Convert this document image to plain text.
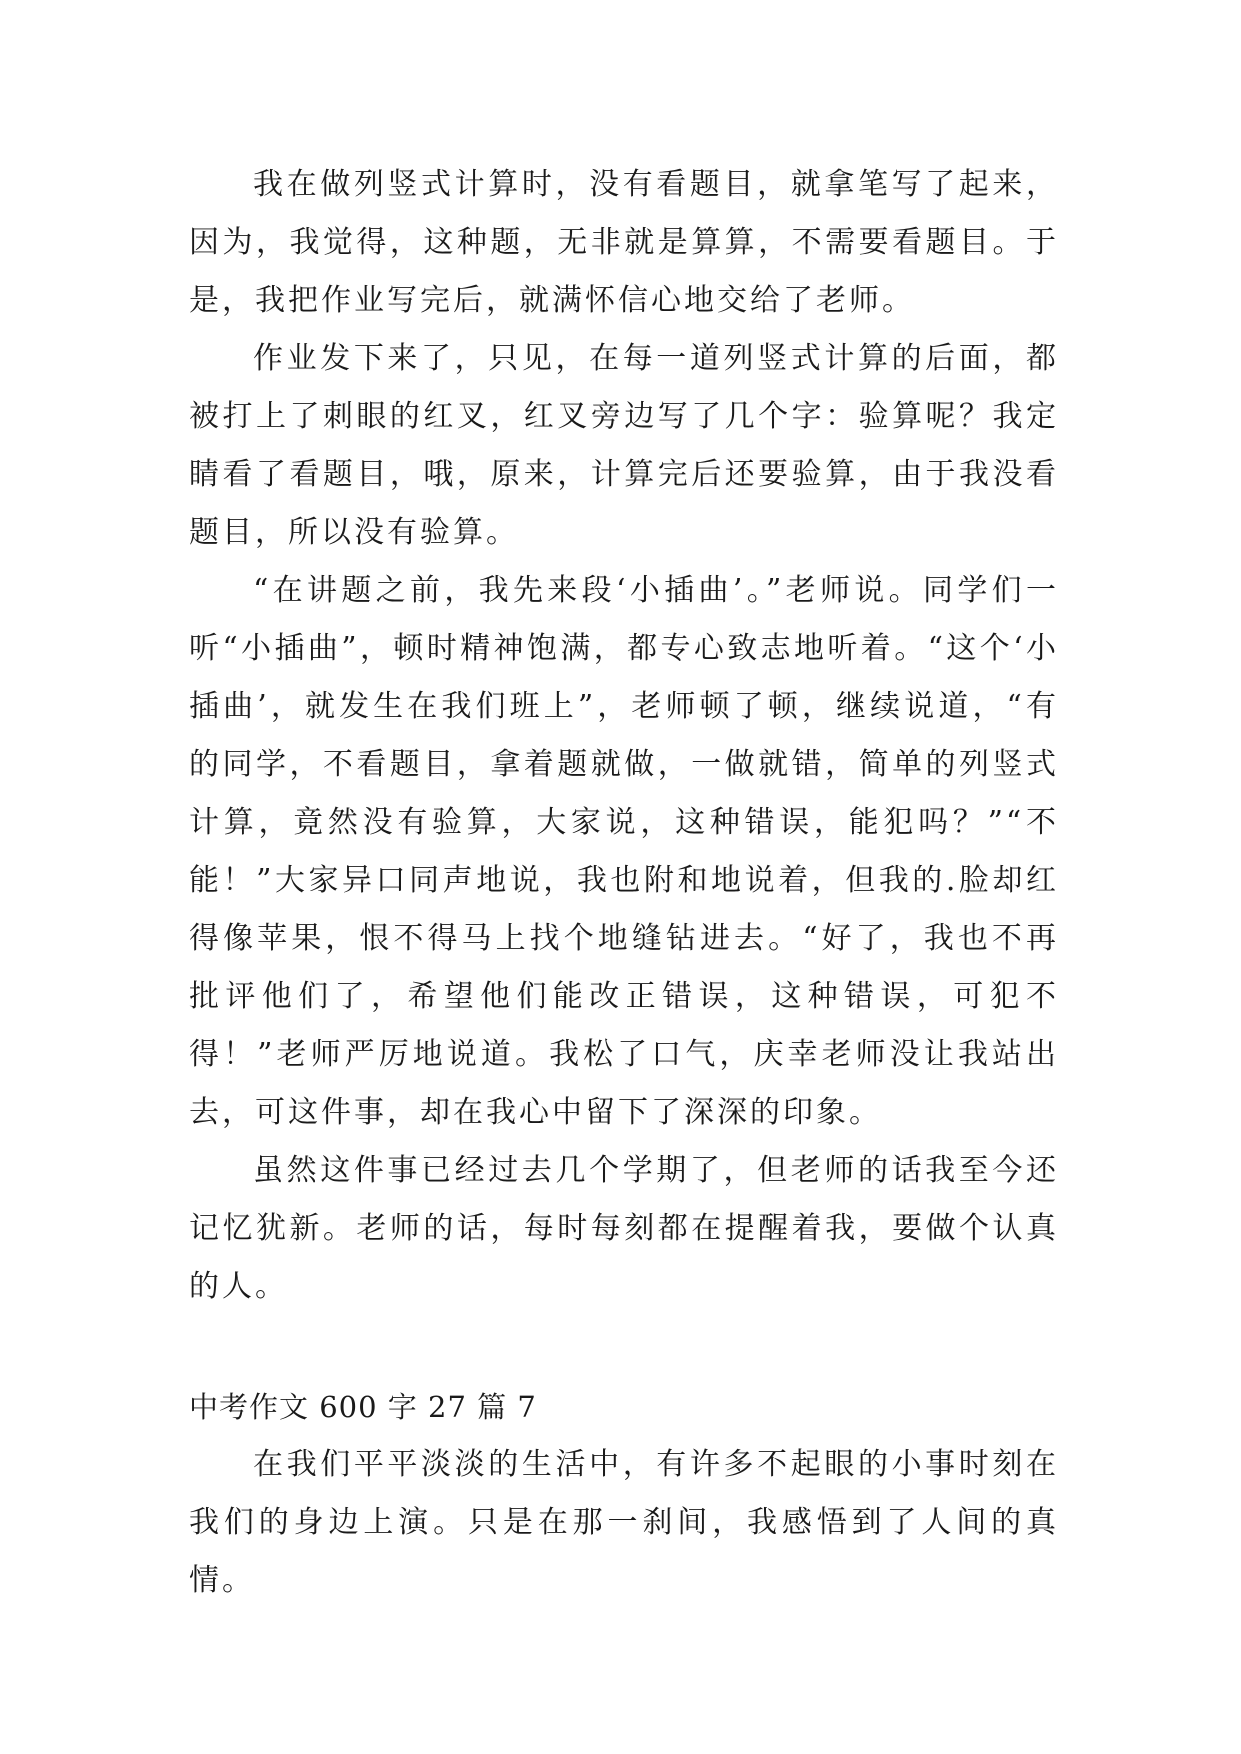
我在做列竖式计算时，没有看题目，就拿笔写了起来，因为，我觉得，这种题，无非就是算算，不需要看题目。于是，我把作业写完后，就满怀信心地交给了老师。

作业发下来了，只见，在每一道列竖式计算的后面，都被打上了刺眼的红叉，红叉旁边写了几个字：验算呢？我定睛看了看题目，哦，原来，计算完后还要验算，由于我没看题目，所以没有验算。

“在讲题之前，我先来段‘小插曲’。”老师说。同学们一听“小插曲”，顿时精神饱满，都专心致志地听着。“这个‘小插曲’，就发生在我们班上”，老师顿了顿，继续说道，“有的同学，不看题目，拿着题就做，一做就错，简单的列竖式计算，竟然没有验算，大家说，这种错误，能犯吗？”“不能！”大家异口同声地说，我也附和地说着，但我的.脸却红得像苹果，恨不得马上找个地缝钻进去。“好了，我也不再批评他们了，希望他们能改正错误，这种错误，可犯不得！”老师严厉地说道。我松了口气，庆幸老师没让我站出去，可这件事，却在我心中留下了深深的印象。

虽然这件事已经过去几个学期了，但老师的话我至今还记忆犹新。老师的话，每时每刻都在提醒着我，要做个认真的人。

中考作文 600 字 27 篇 7

在我们平平淡淡的生活中，有许多不起眼的小事时刻在我们的身边上演。只是在那一刹间，我感悟到了人间的真情。
